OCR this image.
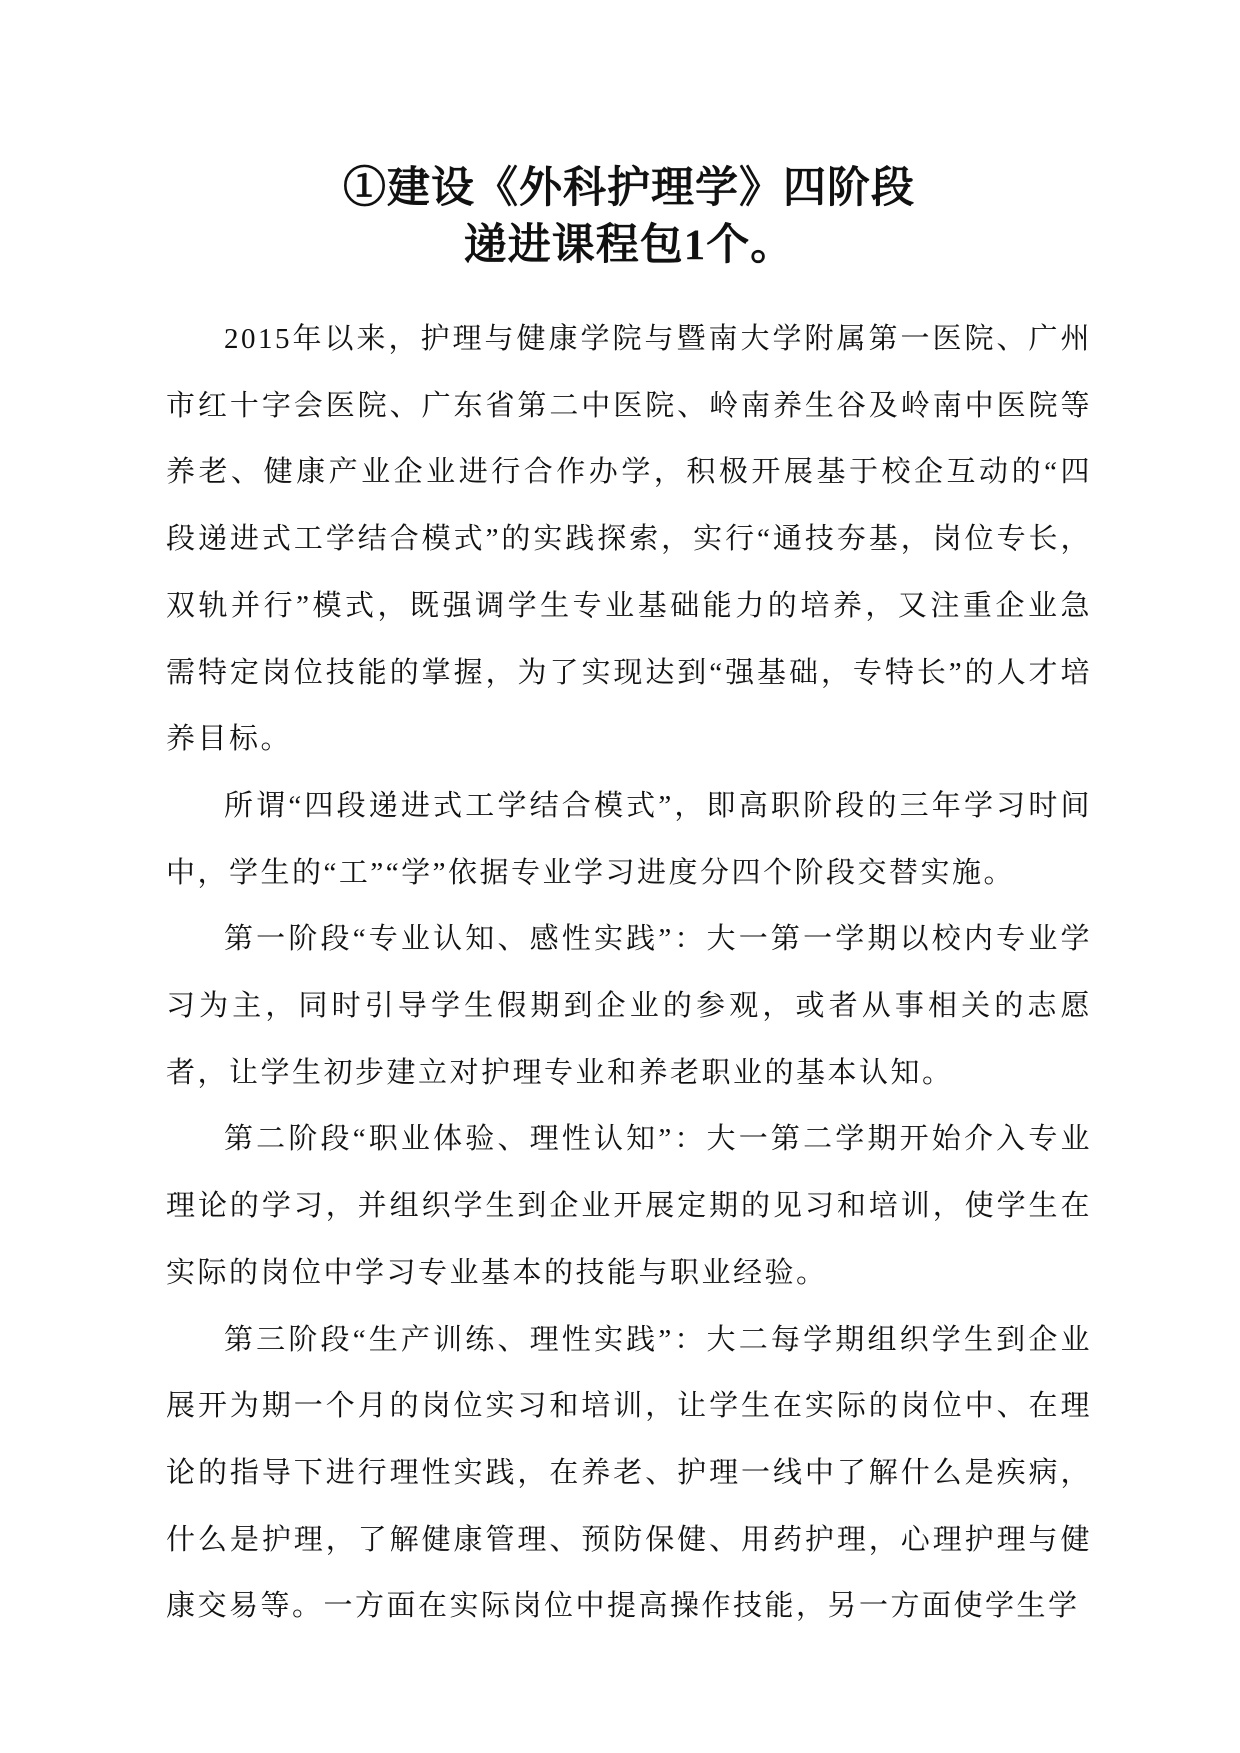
①建设《外科护理学》四阶段
递进课程包1个。

2015年以来，护理与健康学院与暨南大学附属第一医院、广州市红十字会医院、广东省第二中医院、岭南养生谷及岭南中医院等养老、健康产业企业进行合作办学，积极开展基于校企互动的“四段递进式工学结合模式”的实践探索，实行“通技夯基，岗位专长，双轨并行”模式，既强调学生专业基础能力的培养，又注重企业急需特定岗位技能的掌握，为了实现达到“强基础，专特长”的人才培养目标。

所谓“四段递进式工学结合模式”，即高职阶段的三年学习时间中，学生的“工”“学”依据专业学习进度分四个阶段交替实施。

第一阶段“专业认知、感性实践”：大一第一学期以校内专业学习为主，同时引导学生假期到企业的参观，或者从事相关的志愿者，让学生初步建立对护理专业和养老职业的基本认知。

第二阶段“职业体验、理性认知”：大一第二学期开始介入专业理论的学习，并组织学生到企业开展定期的见习和培训，使学生在实际的岗位中学习专业基本的技能与职业经验。

第三阶段“生产训练、理性实践”：大二每学期组织学生到企业展开为期一个月的岗位实习和培训，让学生在实际的岗位中、在理论的指导下进行理性实践，在养老、护理一线中了解什么是疾病，什么是护理，了解健康管理、预防保健、用药护理，心理护理与健康交易等。一方面在实际岗位中提高操作技能，另一方面使学生学
